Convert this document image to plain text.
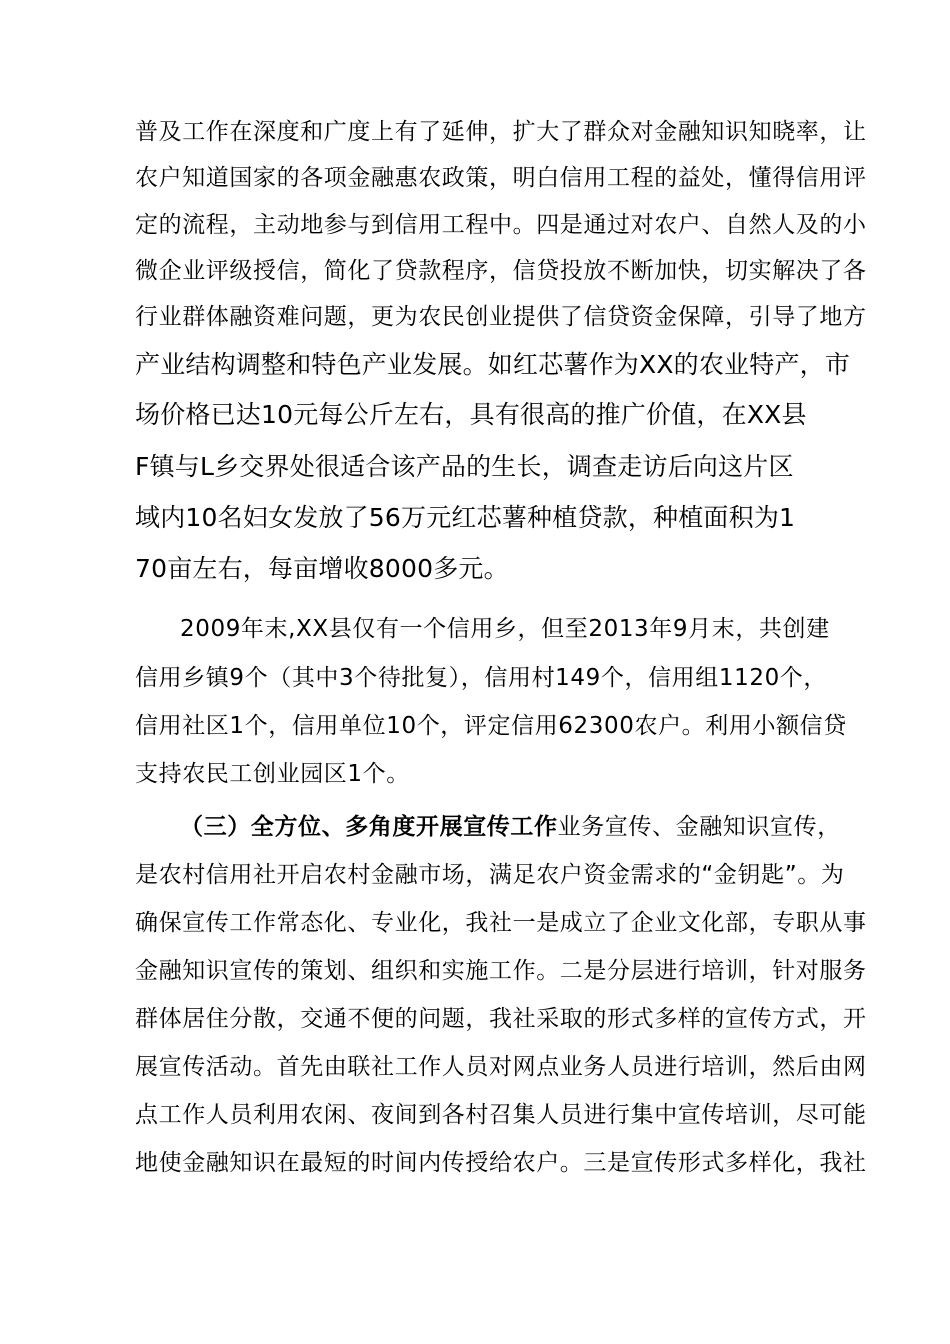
普及工作在深度和广度上有了延伸，扩大了群众对金融知识知晓率，让
农户知道国家的各项金融惠农政策，明白信用工程的益处，懂得信用评
定的流程，主动地参与到信用工程中。四是通过对农户、自然人及的小
微企业评级授信，简化了贷款程序，信贷投放不断加快，切实解决了各
行业群体融资难问题，更为农民创业提供了信贷资金保障，引导了地方
产业结构调整和特色产业发展。如红芯薯作为XX的农业特产，市
场价格已达10元每公斤左右，具有很高的推广价值，在XX县
F镇与L乡交界处很适合该产品的生长，调查走访后向这片区
域内10名妇女发放了56万元红芯薯种植贷款，种植面积为1
70亩左右，每亩增收8000多元。
2009年末,XX县仅有一个信用乡，但至2013年9月末，共创建
信用乡镇9个（其中3个待批复），信用村149个，信用组1120个，
信用社区1个，信用单位10个，评定信用62300农户。利用小额信贷
支持农民工创业园区1个。
（三）全方位、多角度开展宣传工作业务宣传、金融知识宣传，
是农村信用社开启农村金融市场，满足农户资金需求的“金钥匙”。为
确保宣传工作常态化、专业化，我社一是成立了企业文化部，专职从事
金融知识宣传的策划、组织和实施工作。二是分层进行培训，针对服务
群体居住分散，交通不便的问题，我社采取的形式多样的宣传方式，开
展宣传活动。首先由联社工作人员对网点业务人员进行培训，然后由网
点工作人员利用农闲、夜间到各村召集人员进行集中宣传培训，尽可能
地使金融知识在最短的时间内传授给农户。三是宣传形式多样化，我社
